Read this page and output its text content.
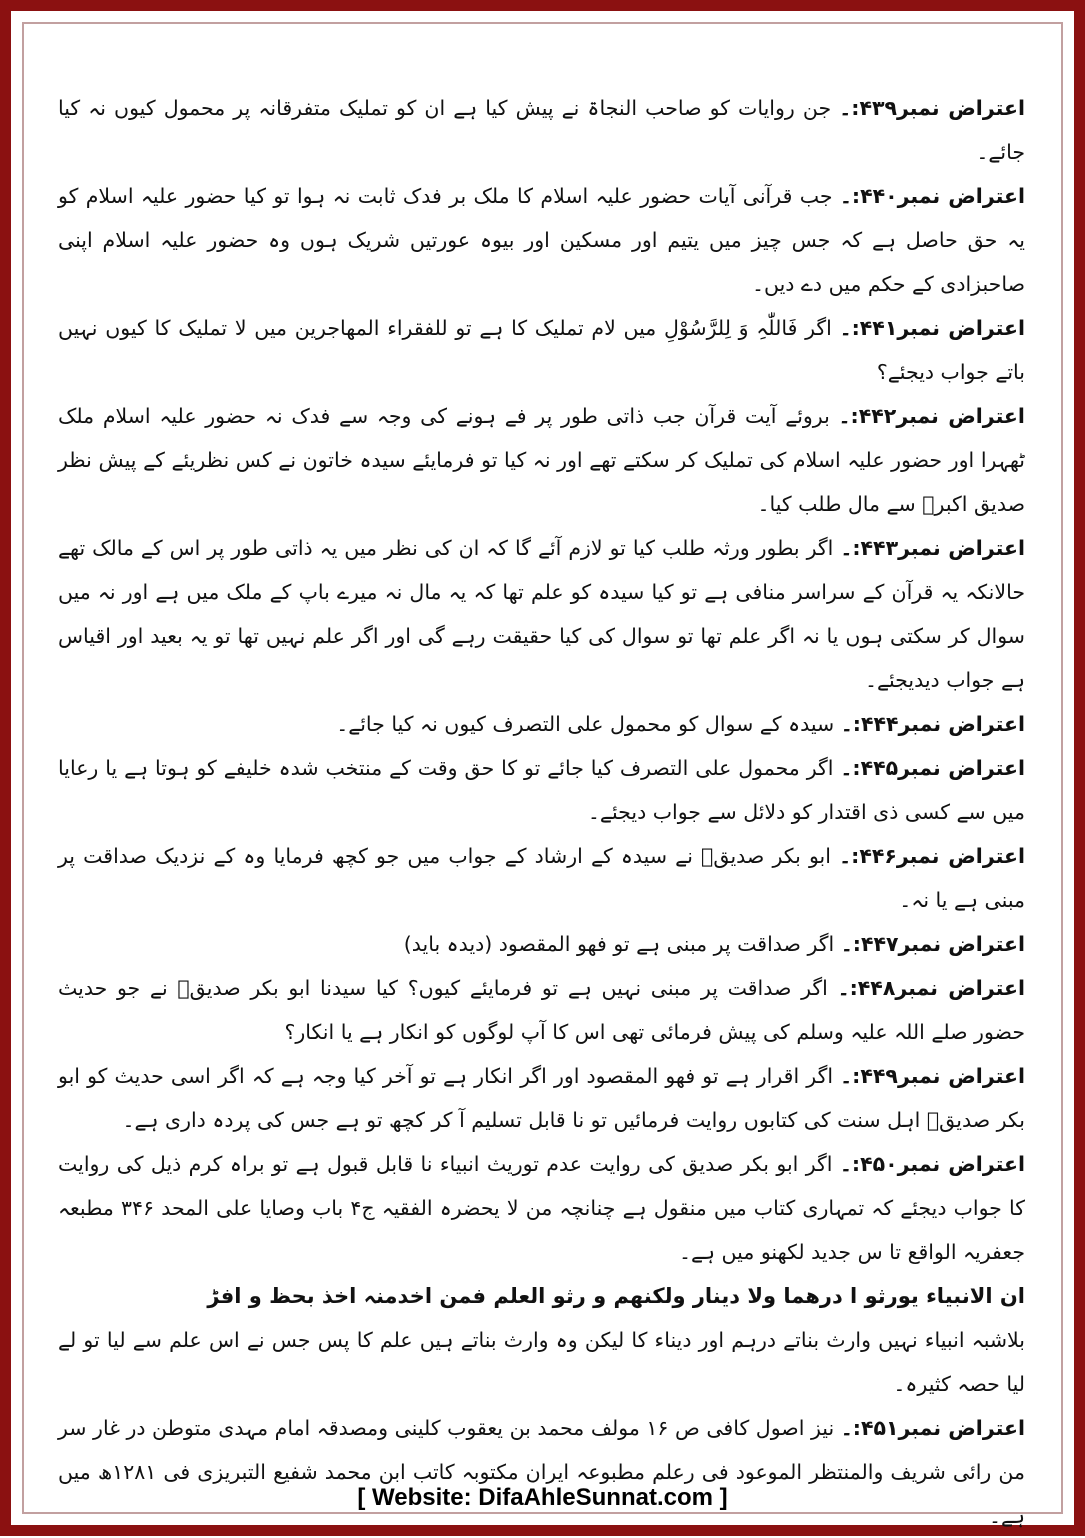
اعتراض نمبر۴۳۹:۔ جن روایات کو صاحب النجاۃ نے پیش کیا ہے ان کو تملیک متفرقانہ پر محمول کیوں نہ کیا جائے۔

اعتراض نمبر۴۴۰:۔ جب قرآنی آیات حضور علیہ اسلام کا ملک بر فدک ثابت نہ ہوا تو کیا حضور علیہ اسلام کو یہ حق حاصل ہے کہ جس چیز میں یتیم اور مسکین اور بیوہ عورتیں شریک ہوں وہ حضور علیہ اسلام اپنی صاحبزادی کے حکم میں دے دیں۔

اعتراض نمبر۴۴۱:۔ اگر فَاللّٰہِ وَ لِلرَّسُوْلِ میں لام تملیک کا ہے تو للفقراء المھاجرین میں لا تملیک کا کیوں نہیں باتے جواب دیجئے؟

اعتراض نمبر۴۴۲:۔ بروئے آیت قرآن جب ذاتی طور پر فے ہونے کی وجہ سے فدک نہ حضور علیہ اسلام ملک ٹھہرا اور حضور علیہ اسلام کی تملیک کر سکتے تھے اور نہ کیا تو فرمایئے سیدہ خاتون نے کس نظریئے کے پیش نظر صدیق اکبرؓ سے مال طلب کیا۔

اعتراض نمبر۴۴۳:۔ اگر بطور ورثہ طلب کیا تو لازم آئے گا کہ ان کی نظر میں یہ ذاتی طور پر اس کے مالک تھے حالانکہ یہ قرآن کے سراسر منافی ہے تو کیا سیدہ کو علم تھا کہ یہ مال نہ میرے باپ کے ملک میں ہے اور نہ میں سوال کر سکتی ہوں یا نہ اگر علم تھا تو سوال کی کیا حقیقت رہے گی اور اگر علم نہیں تھا تو یہ بعید اور اقیاس ہے جواب دیدیجئے۔

اعتراض نمبر۴۴۴:۔ سیدہ کے سوال کو محمول علی التصرف کیوں نہ کیا جائے۔

اعتراض نمبر۴۴۵:۔ اگر محمول علی التصرف کیا جائے تو کا حق وقت کے منتخب شدہ خلیفے کو ہوتا ہے یا رعایا میں سے کسی ذی اقتدار کو دلائل سے جواب دیجئے۔

اعتراض نمبر۴۴۶:۔ ابو بکر صدیقؓ نے سیدہ کے ارشاد کے جواب میں جو کچھ فرمایا وہ کے نزدیک صداقت پر مبنی ہے یا نہ۔

اعتراض نمبر۴۴۷:۔ اگر صداقت پر مبنی ہے تو فھو المقصود (دیدہ باید)

اعتراض نمبر۴۴۸:۔ اگر صداقت پر مبنی نہیں ہے تو فرمایئے کیوں؟ کیا سیدنا ابو بکر صدیقؓ نے جو حدیث حضور صلے اللہ علیہ وسلم کی پیش فرمائی تھی اس کا آپ لوگوں کو انکار ہے یا انکار؟

اعتراض نمبر۴۴۹:۔ اگر اقرار ہے تو فھو المقصود اور اگر انکار ہے تو آخر کیا وجہ ہے کہ اگر اسی حدیث کو ابو بکر صدیقؓ اہل سنت کی کتابوں روایت فرمائیں تو نا قابل تسلیم آ کر کچھ تو ہے جس کی پردہ داری ہے۔

اعتراض نمبر۴۵۰:۔ اگر ابو بکر صدیق کی روایت عدم توریث انبیاء نا قابل قبول ہے تو براہ کرم ذیل کی روایت کا جواب دیجئے کہ تمہاری کتاب میں منقول ہے چنانچہ من لا یحضرہ الفقیہ ج۴ باب وصایا علی المحد ۳۴۶ مطبعہ جعفریہ الواقع تا س جدید لکھنو میں ہے۔

ان الانبیاء یورثو ا درھما ولا دینار ولکنھم و رثو العلم فمن اخدمنہ اخذ بحظ و افرؕ

بلاشبہ انبیاء نہیں وارث بناتے درہم اور دیناء کا لیکن وہ وارث بناتے ہیں علم کا پس جس نے اس علم سے لیا تو لے لیا حصہ کثیرہ۔

اعتراض نمبر۴۵۱:۔ نیز اصول کافی ص ۱۶ مولف محمد بن یعقوب کلینی ومصدقہ امام مہدی متوطن در غار سر من رائی شریف والمنتظر الموعود فی رعلم مطبوعہ ایران مکتوبہ کاتب ابن محمد شفیع التبریزی فی ۱۲۸۱ھ میں ہے۔

[ Website: DifaAhleSunnat.com ]
